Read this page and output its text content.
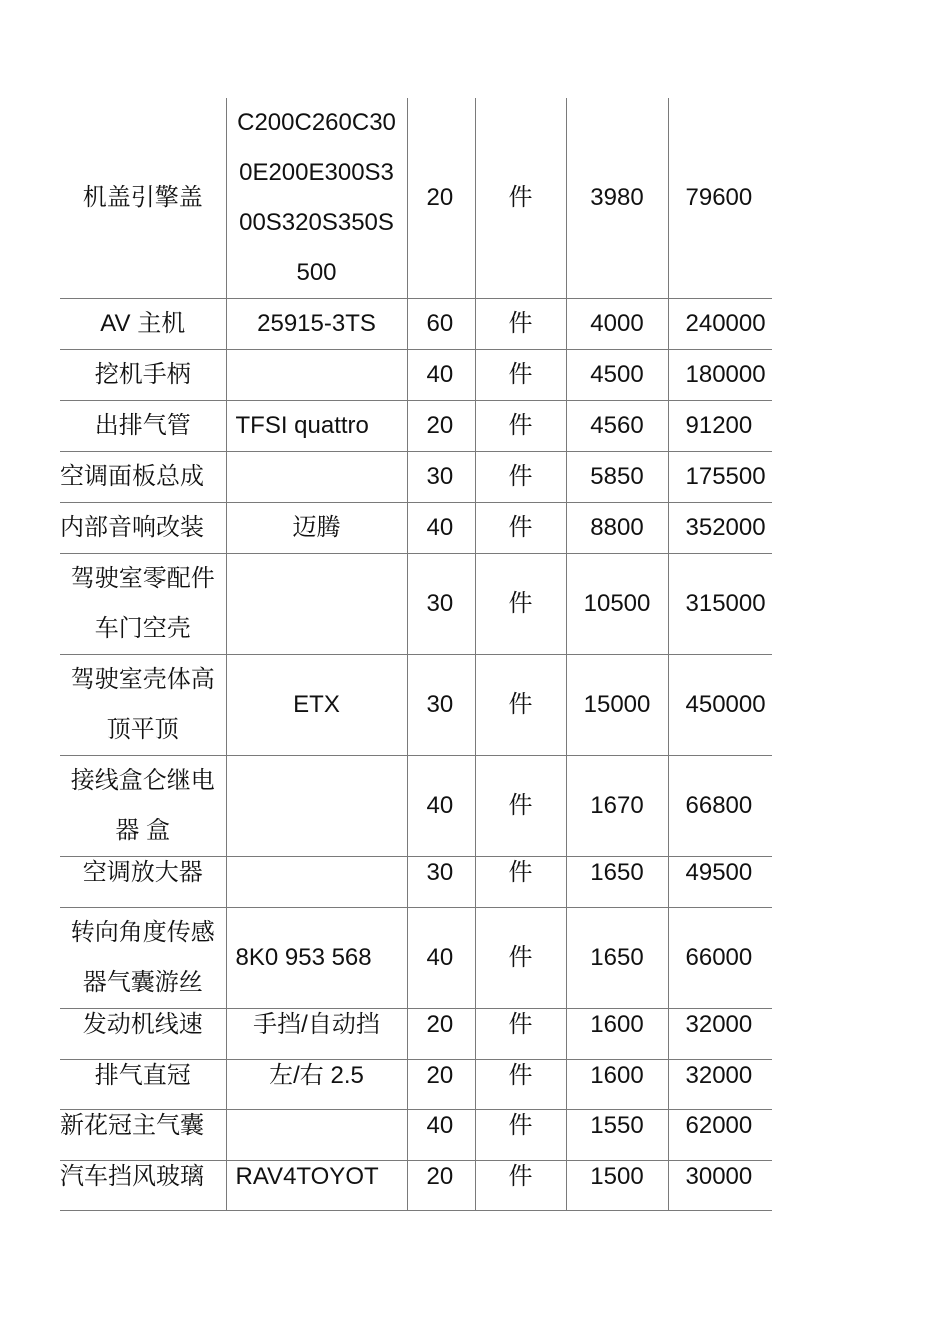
机盖引擎盖	C200C260C300E200E300S300S320S350S500	20	件	3980	79600
AV 主机	25915-3TS	60	件	4000	240000
挖机手柄		40	件	4500	180000
出排气管	TFSI quattro	20	件	4560	91200
空调面板总成		30	件	5850	175500
内部音响改装	迈腾	40	件	8800	352000
驾驶室零配件车门空壳		30	件	10500	315000
驾驶室壳体高顶平顶	ETX	30	件	15000	450000
接线盒仑继电器 盒		40	件	1670	66800
空调放大器		30	件	1650	49500
转向角度传感器气囊游丝	8K0 953 568	40	件	1650	66000
发动机线速	手挡/自动挡	20	件	1600	32000
排气直冠	左/右 2.5	20	件	1600	32000
新花冠主气囊		40	件	1550	62000
汽车挡风玻璃	RAV4TOYOT	20	件	1500	30000
